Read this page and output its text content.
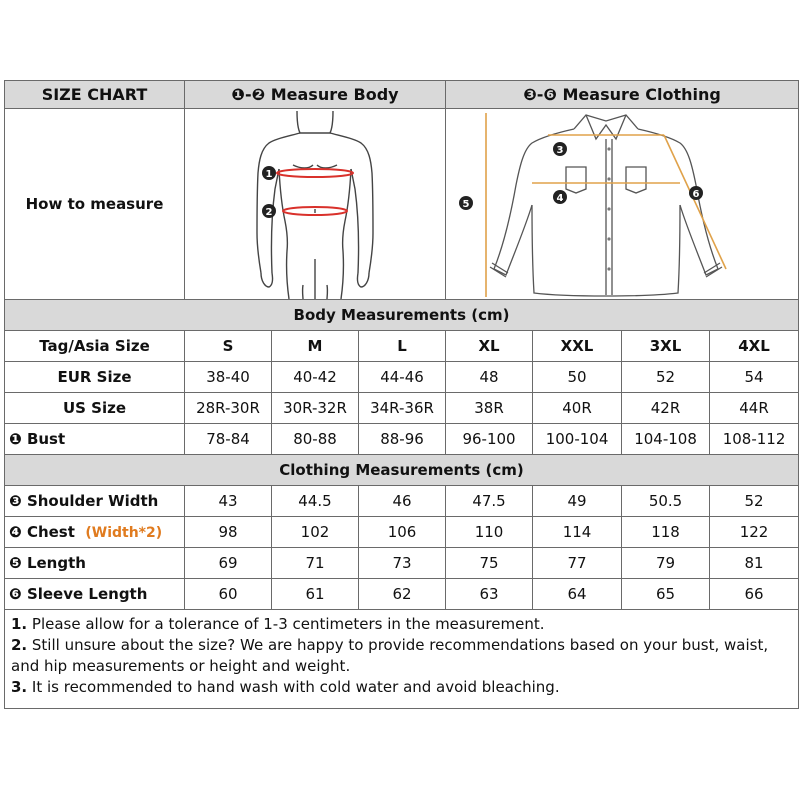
SIZE CHART	❶-❷ Measure Body			❸-❻ Measure Clothing			
How to measure	1
2			3
4
5
6			

Body Measurements (cm)							
Tag/Asia Size	S	M	L	XL	XXL	3XL	4XL
EUR Size	38-40	40-42	44-46	48	50	52	54
US Size	28R-30R	30R-32R	34R-36R	38R	40R	42R	44R
❶ Bust	78-84	80-88	88-96	96-100	100-104	104-108	108-112
Clothing Measurements (cm)							
❸ Shoulder Width	43	44.5	46	47.5	49	50.5	52
❹ Chest (Width*2)	98	102	106	110	114	118	122
❺ Length	69	71	73	75	77	79	81
❻ Sleeve Length	60	61	62	63	64	65	66

1. Please allow for a tolerance of 1-3 centimeters in the measurement.

2. Still unsure about the size? We are happy to provide recommendations based on your bust, waist, and hip measurements or height and weight.

3. It is recommended to hand wash with cold water and avoid bleaching.							
